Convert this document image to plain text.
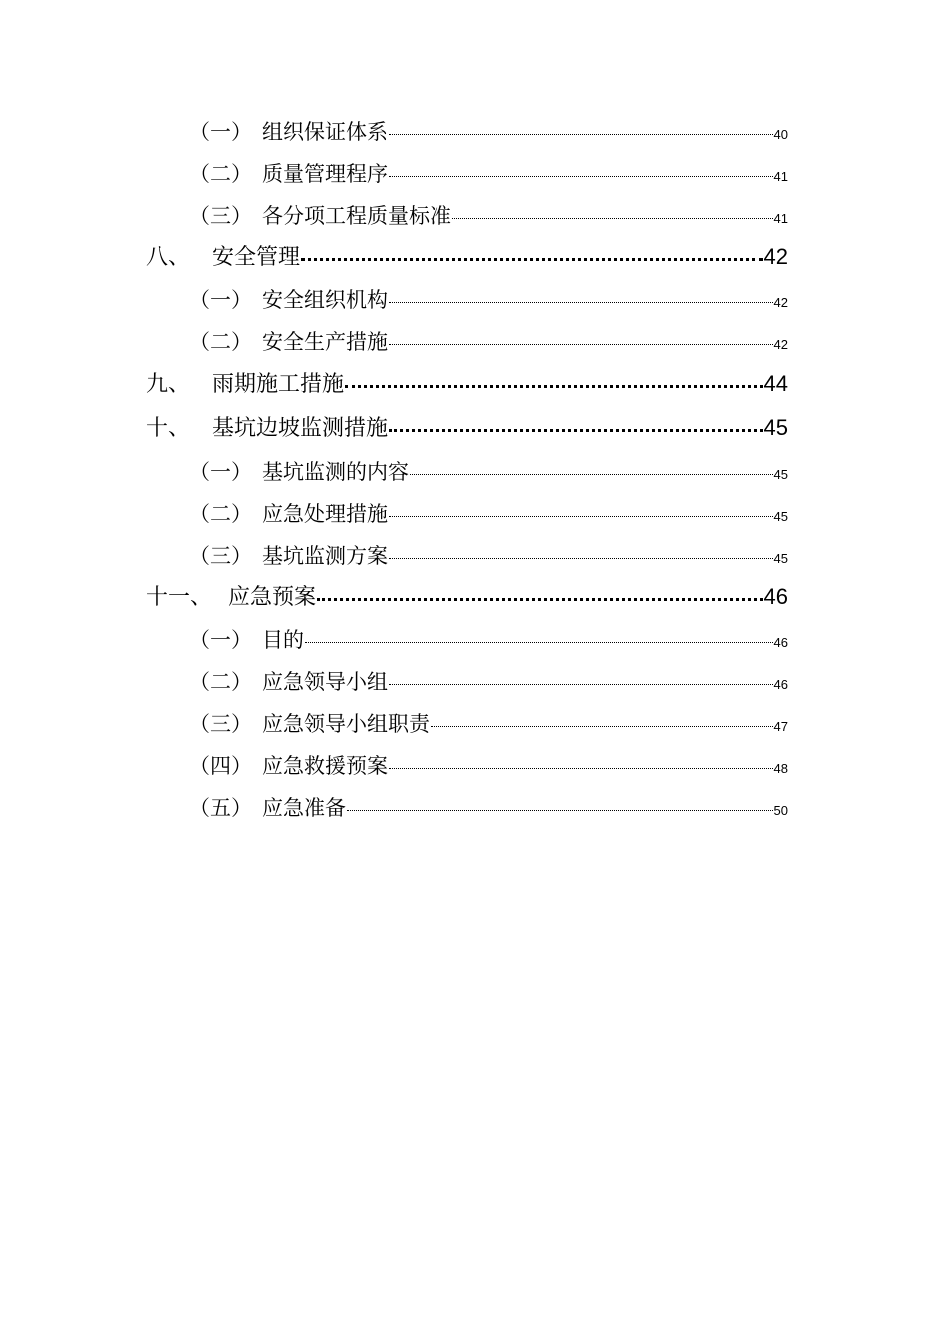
（一） 组织保证体系	40
（二） 质量管理程序	41
（三） 各分项工程质量标准	41
八、 安全管理	42
（一） 安全组织机构	42
（二） 安全生产措施	42
九、 雨期施工措施	44
十、 基坑边坡监测措施	45
（一） 基坑监测的内容	45
（二） 应急处理措施	45
（三） 基坑监测方案	45
十一、 应急预案	46
（一） 目的	46
（二） 应急领导小组	46
（三） 应急领导小组职责	47
（四） 应急救援预案	48
（五） 应急准备	50
